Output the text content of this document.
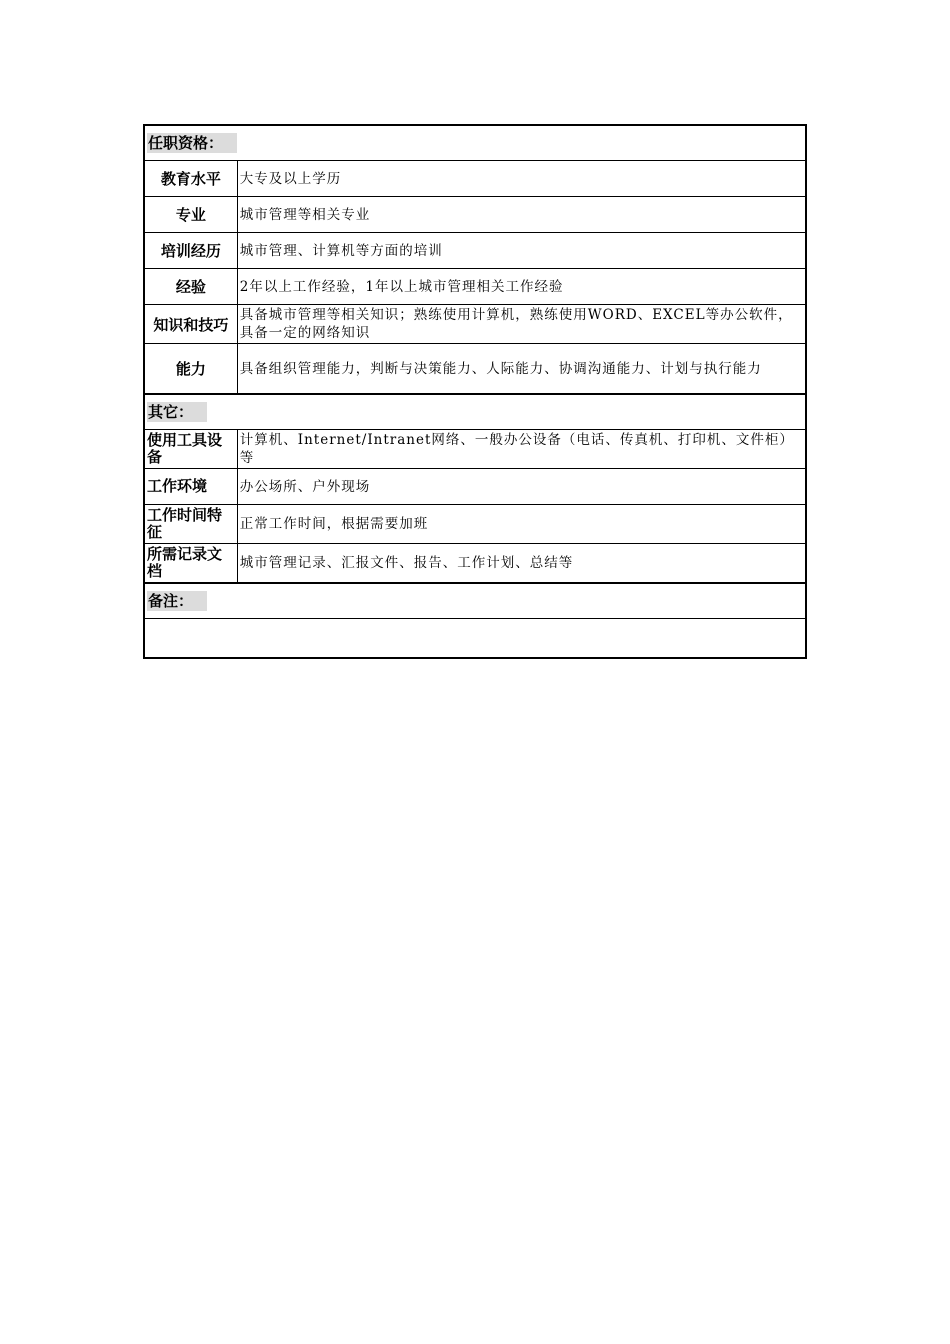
任职资格：	
教育水平	大专及以上学历
专业	城市管理等相关专业
培训经历	城市管理、计算机等方面的培训
经验	2年以上工作经验，1年以上城市管理相关工作经验
知识和技巧	具备城市管理等相关知识；熟练使用计算机，熟练使用WORD、EXCEL等办公软件，具备一定的网络知识
能力	具备组织管理能力，判断与决策能力、人际能力、协调沟通能力、计划与执行能力
其它：	
使用工具设备	计算机、Internet/Intranet网络、一般办公设备（电话、传真机、打印机、文件柜）等
工作环境	办公场所、户外现场
工作时间特征	正常工作时间，根据需要加班
所需记录文档	城市管理记录、汇报文件、报告、工作计划、总结等
备注：	
